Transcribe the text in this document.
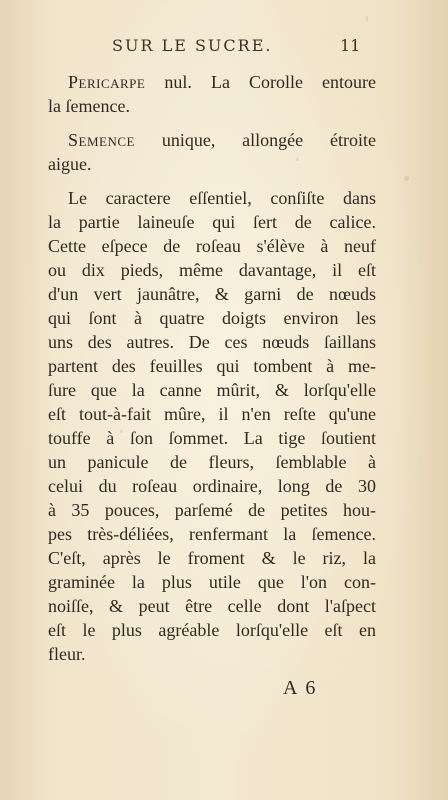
SUR LE SUCRE.	11
Pericarpe nul. La Corolle entoure
la ſemence.
Semence unique, allongée étroite
aigue.
Le caractere eſſentiel, conſiſte dans
la partie laineuſe qui ſert de calice.
Cette eſpece de roſeau s'élève à neuf
ou dix pieds, même davantage, il eſt
d'un vert jaunâtre, & garni de nœuds
qui ſont à quatre doigts environ les
uns des autres. De ces nœuds ſaillans
partent des feuilles qui tombent à me-
ſure que la canne mûrit, & lorſqu'elle
eſt tout-à-fait mûre, il n'en reſte qu'une
touffe à ſon ſommet. La tige ſoutient
un panicule de fleurs, ſemblable à
celui du roſeau ordinaire, long de 30
à 35 pouces, parſemé de petites hou-
pes très-déliées, renfermant la ſemence.
C'eſt, après le froment & le riz, la
graminée la plus utile que l'on con-
noiſſe, & peut être celle dont l'aſpect
eſt le plus agréable lorſqu'elle eſt en
fleur.
A 6
